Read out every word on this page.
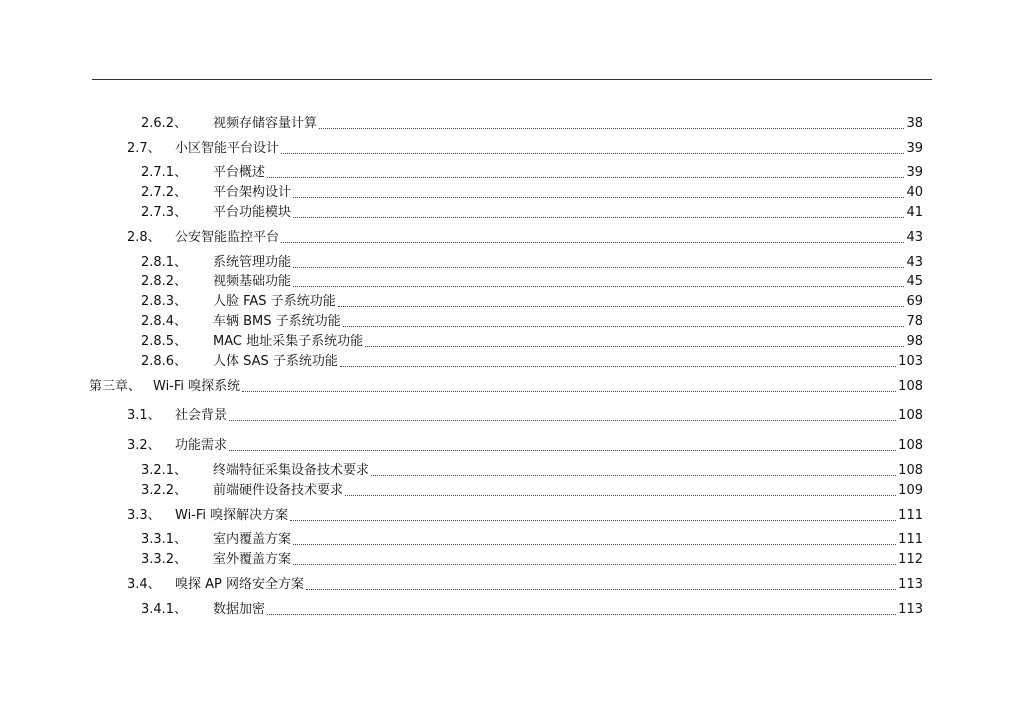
2.6.2、 视频存储容量计算	38
2.7、 小区智能平台设计	39
2.7.1、 平台概述	39
2.7.2、 平台架构设计	40
2.7.3、 平台功能模块	41
2.8、 公安智能监控平台	43
2.8.1、 系统管理功能	43
2.8.2、 视频基础功能	45
2.8.3、 人脸 FAS 子系统功能	69
2.8.4、 车辆 BMS 子系统功能	78
2.8.5、 MAC 地址采集子系统功能	98
2.8.6、 人体 SAS 子系统功能	103
第三章、 Wi-Fi 嗅探系统	108
3.1、 社会背景	108
3.2、 功能需求	108
3.2.1、 终端特征采集设备技术要求	108
3.2.2、 前端硬件设备技术要求	109
3.3、 Wi-Fi 嗅探解决方案	111
3.3.1、 室内覆盖方案	111
3.3.2、 室外覆盖方案	112
3.4、 嗅探 AP 网络安全方案	113
3.4.1、 数据加密	113
